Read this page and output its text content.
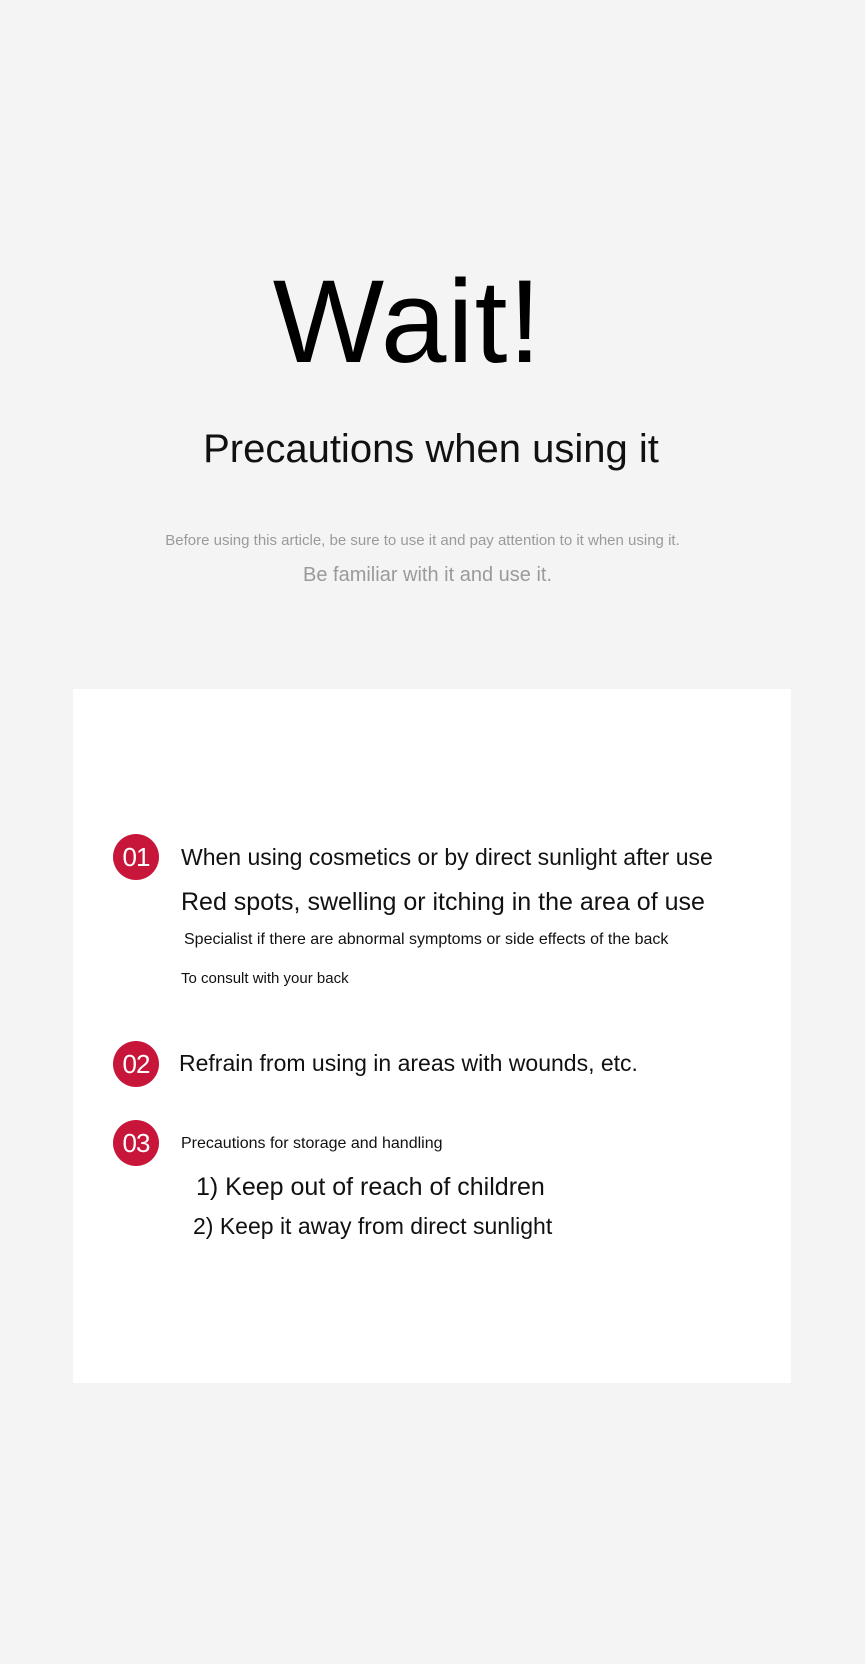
Wait!
Precautions when using it
Before using this article, be sure to use it and pay attention to it when using it.
Be familiar with it and use it.
01	When using cosmetics or by direct sunlight after use
Red spots, swelling or itching in the area of use
Specialist if there are abnormal symptoms or side effects of the back
To consult with your back
02	Refrain from using in areas with wounds, etc.
03	Precautions for storage and handling
1) Keep out of reach of children
2) Keep it away from direct sunlight
